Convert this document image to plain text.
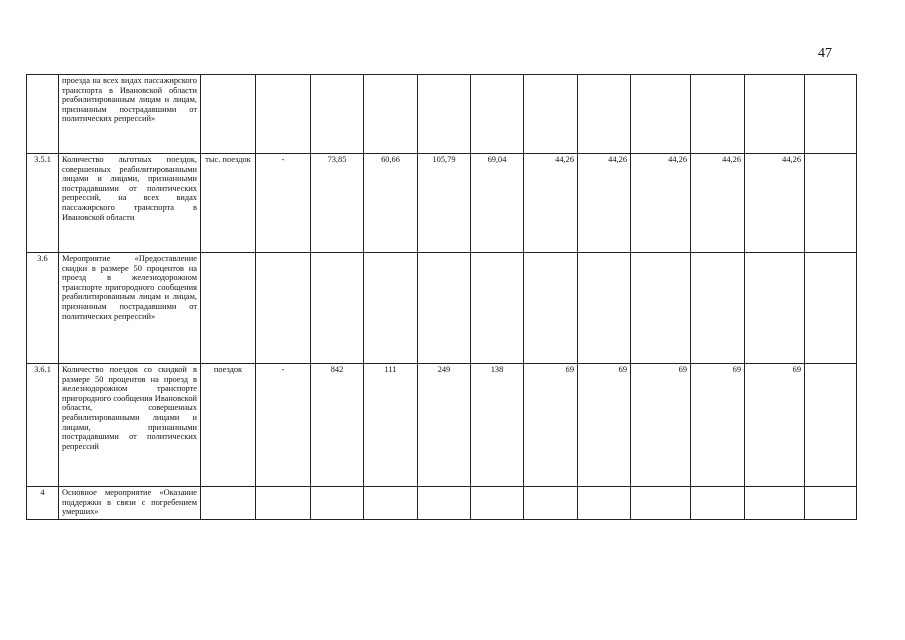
47
	проезда на всех видах пассажирского транспорта в Ивановской области реабилитированным лицам и лицам, признанным пострадавшими от политических репрессий»												
3.5.1	Количество льготных поездок, совершенных реабилитированными лицами и лицами, признанными пострадавшими от политических репрессий, на всех видах пассажирского транспорта в Ивановской области	тыс. поездок	-	73,85	60,66	105,79	69,04	44,26	44,26	44,26	44,26	44,26	
3.6	Мероприятие «Предоставление скидки в размере 50 процентов на проезд в железнодорожном транспорте пригородного сообщения реабилитированным лицам и лицам, признанным пострадавшими от политических репрессий»												
3.6.1	Количество поездок со скидкой в размере 50 процентов на проезд в железнодорожном транспорте пригородного сообщения Ивановской области, совершенных реабилитированными лицами и лицами, признанными пострадавшими от политических репрессий	поездок	-	842	111	249	138	69	69	69	69	69	
4	Основное мероприятие «Оказание поддержки в связи с погребением умерших»												
